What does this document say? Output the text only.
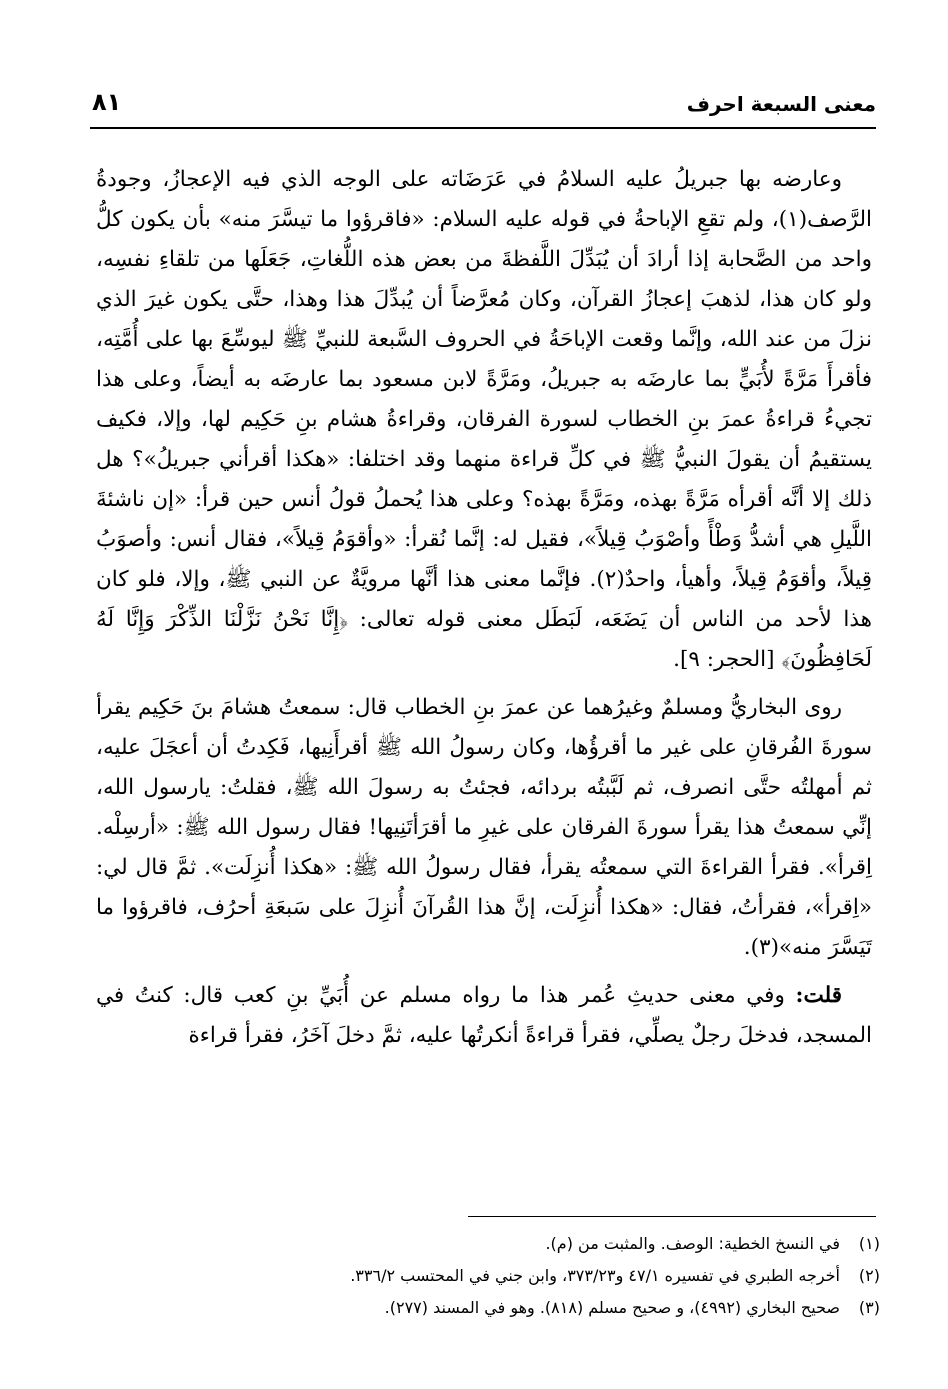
معنى السبعة احرف
٨١

وعارضه بها جبريلُ عليه السلامُ في عَرَضَاته على الوجه الذي فيه الإعجازُ، وجودةُ الرَّصف(١)، ولم تقعِ الإباحةُ في قوله عليه السلام: «فاقرؤوا ما تيسَّرَ منه» بأن يكون كلُّ واحد من الصَّحابة إذا أرادَ أن يُبَدِّلَ اللَّفظةَ من بعض هذه اللُّغاتِ، جَعَلَها من تلقاءِ نفسِه، ولو كان هذا، لذهبَ إعجازُ القرآن، وكان مُعرَّضاً أن يُبدِّلَ هذا وهذا، حتَّى يكون غيرَ الذي نزلَ من عند الله، وإنَّما وقعت الإباحَةُ في الحروف السَّبعة للنبيِّ ﷺ ليوسِّعَ بها على أُمَّتِه، فأقرأَ مَرَّةً لأُبَيٍّ بما عارضَه به جبريلُ، ومَرَّةً لابن مسعود بما عارضَه به أيضاً، وعلى هذا تجيءُ قراءةُ عمرَ بنِ الخطاب لسورة الفرقان، وقراءةُ هشام بنِ حَكِيم لها، وإلا، فكيف يستقيمُ أن يقولَ النبيُّ ﷺ في كلِّ قراءة منهما وقد اختلفا: «هكذا أقرأني جبريلُ»؟ هل ذلك إلا أنَّه أقرأه مَرَّةً بهذه، ومَرَّةً بهذه؟ وعلى هذا يُحملُ قولُ أنس حين قرأ: «إن ناشئةَ اللَّيلِ هي أشدُّ وَطْأً وأصْوَبُ قِيلاً»، فقيل له: إنَّما نُقرأ: «وأقوَمُ قِيلاً»، فقال أنس: وأصوَبُ قِيلاً، وأقوَمُ قِيلاً، وأهيأ، واحدٌ(٢). فإنَّما معنى هذا أنَّها مرويَّةٌ عن النبي ﷺ، وإلا، فلو كان هذا لأحد من الناس أن يَضَعَه، لَبَطَل معنى قوله تعالى: ﴿إِنَّا نَحْنُ نَزَّلْنَا الذِّكْرَ وَإِنَّا لَهُ لَحَافِظُونَ﴾ [الحجر: ٩].

روى البخاريُّ ومسلمٌ وغيرُهما عن عمرَ بنِ الخطاب قال: سمعتُ هشامَ بنَ حَكِيم يقرأ سورةَ الفُرقانِ على غير ما أقرؤُها، وكان رسولُ الله ﷺ أقرأَنِيها، فَكِدتُ أن أعجَلَ عليه، ثم أمهلتُه حتَّى انصرف، ثم لَبَّبتُه بردائه، فجئتُ به رسولَ الله ﷺ، فقلتُ: يارسول الله، إنِّي سمعتُ هذا يقرأ سورةَ الفرقان على غيرِ ما أقرَأتَنِيها! فقال رسول الله ﷺ: «أرسِلْه. اِقرأ». فقرأ القراءةَ التي سمعتُه يقرأ، فقال رسولُ الله ﷺ: «هكذا أُنزِلَت». ثمَّ قال لي: «اِقرأ»، فقرأتُ، فقال: «هكذا أُنزِلَت، إنَّ هذا القُرآنَ أُنزِلَ على سَبعَةِ أحرُف، فاقرؤوا ما تَيَسَّرَ منه»(٣).

قلت: وفي معنى حديثِ عُمر هذا ما رواه مسلم عن أُبَيِّ بنِ كعب قال: كنتُ في المسجد، فدخلَ رجلٌ يصلِّي، فقرأ قراءةً أنكرتُها عليه، ثمَّ دخلَ آخَرُ، فقرأ قراءة

(١)
في النسخ الخطية: الوصف. والمثبت من (م).
(٢)
أخرجه الطبري في تفسيره ٤٧/١ و٣٧٣/٢٣، وابن جني في المحتسب ٣٣٦/٢.
(٣)
صحيح البخاري (٤٩٩٢)، و صحيح مسلم (٨١٨). وهو في المسند (٢٧٧).
